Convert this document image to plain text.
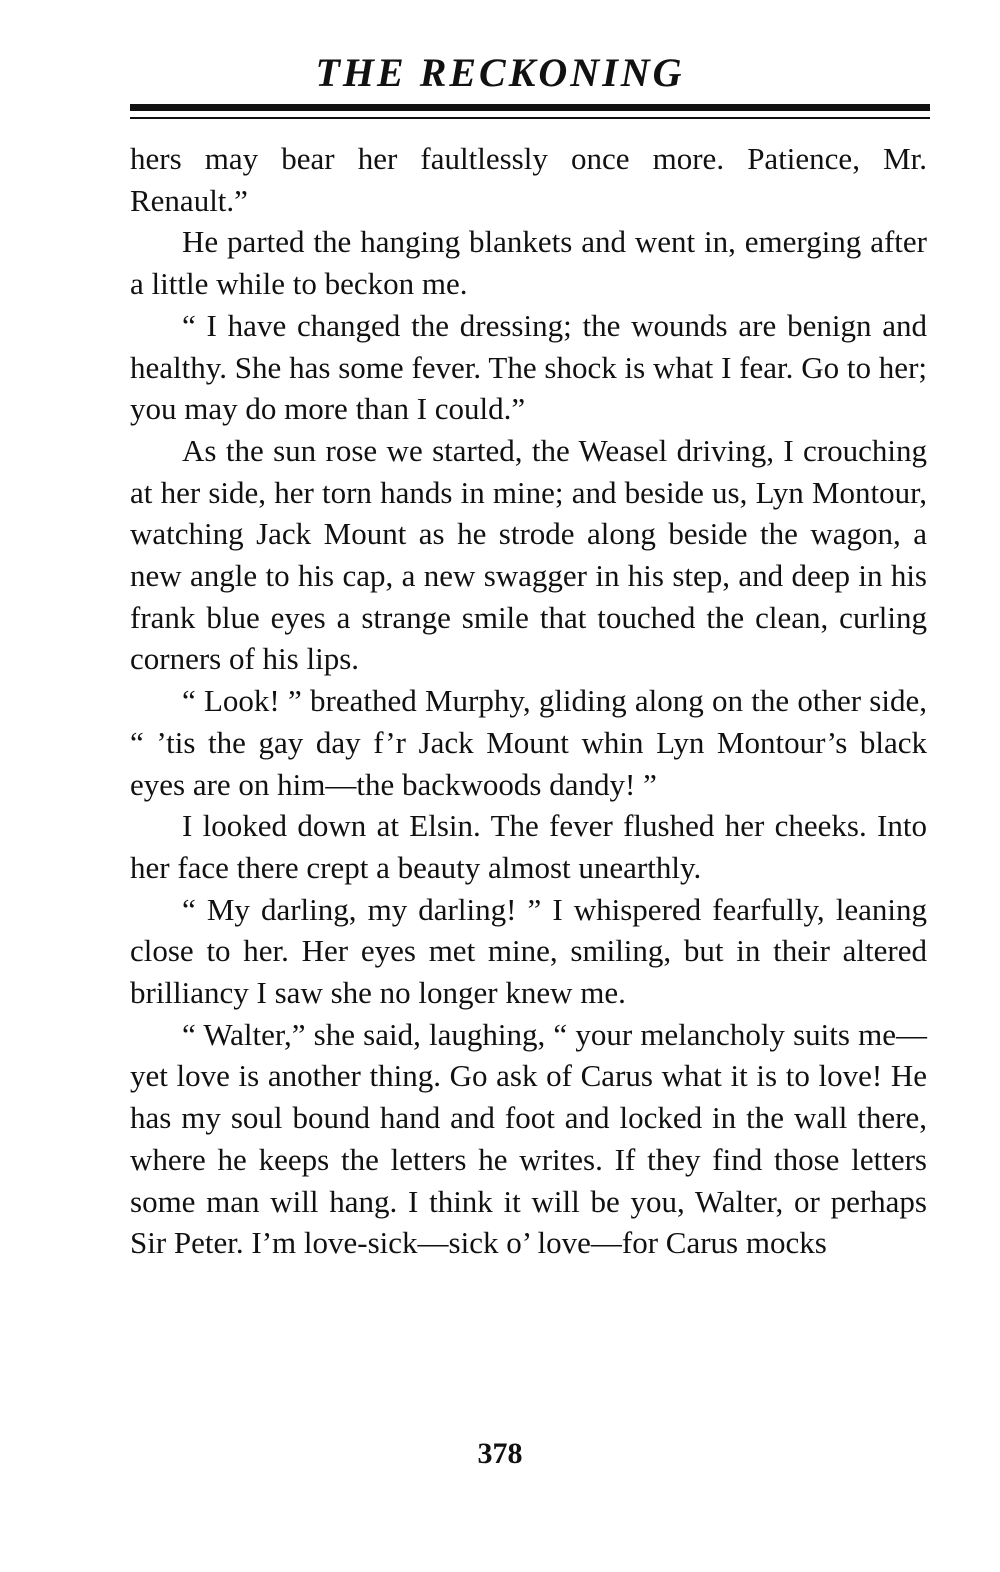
THE RECKONING

hers may bear her faultlessly once more. Patience, Mr. Renault.”

He parted the hanging blankets and went in, emerging after a little while to beckon me.

“ I have changed the dressing; the wounds are benign and healthy. She has some fever. The shock is what I fear. Go to her; you may do more than I could.”

As the sun rose we started, the Weasel driving, I crouching at her side, her torn hands in mine; and beside us, Lyn Montour, watching Jack Mount as he strode along beside the wagon, a new angle to his cap, a new swagger in his step, and deep in his frank blue eyes a strange smile that touched the clean, curling corners of his lips.

“ Look! ” breathed Murphy, gliding along on the other side, “ ’tis the gay day f’r Jack Mount whin Lyn Montour’s black eyes are on him—the backwoods dandy! ”

I looked down at Elsin. The fever flushed her cheeks. Into her face there crept a beauty almost unearthly.

“ My darling, my darling! ” I whispered fearfully, leaning close to her. Her eyes met mine, smiling, but in their altered brilliancy I saw she no longer knew me.

“ Walter,” she said, laughing, “ your melancholy suits me—yet love is another thing. Go ask of Carus what it is to love! He has my soul bound hand and foot and locked in the wall there, where he keeps the letters he writes. If they find those letters some man will hang. I think it will be you, Walter, or perhaps Sir Peter. I’m love-sick—sick o’ love—for Carus mocks

378
